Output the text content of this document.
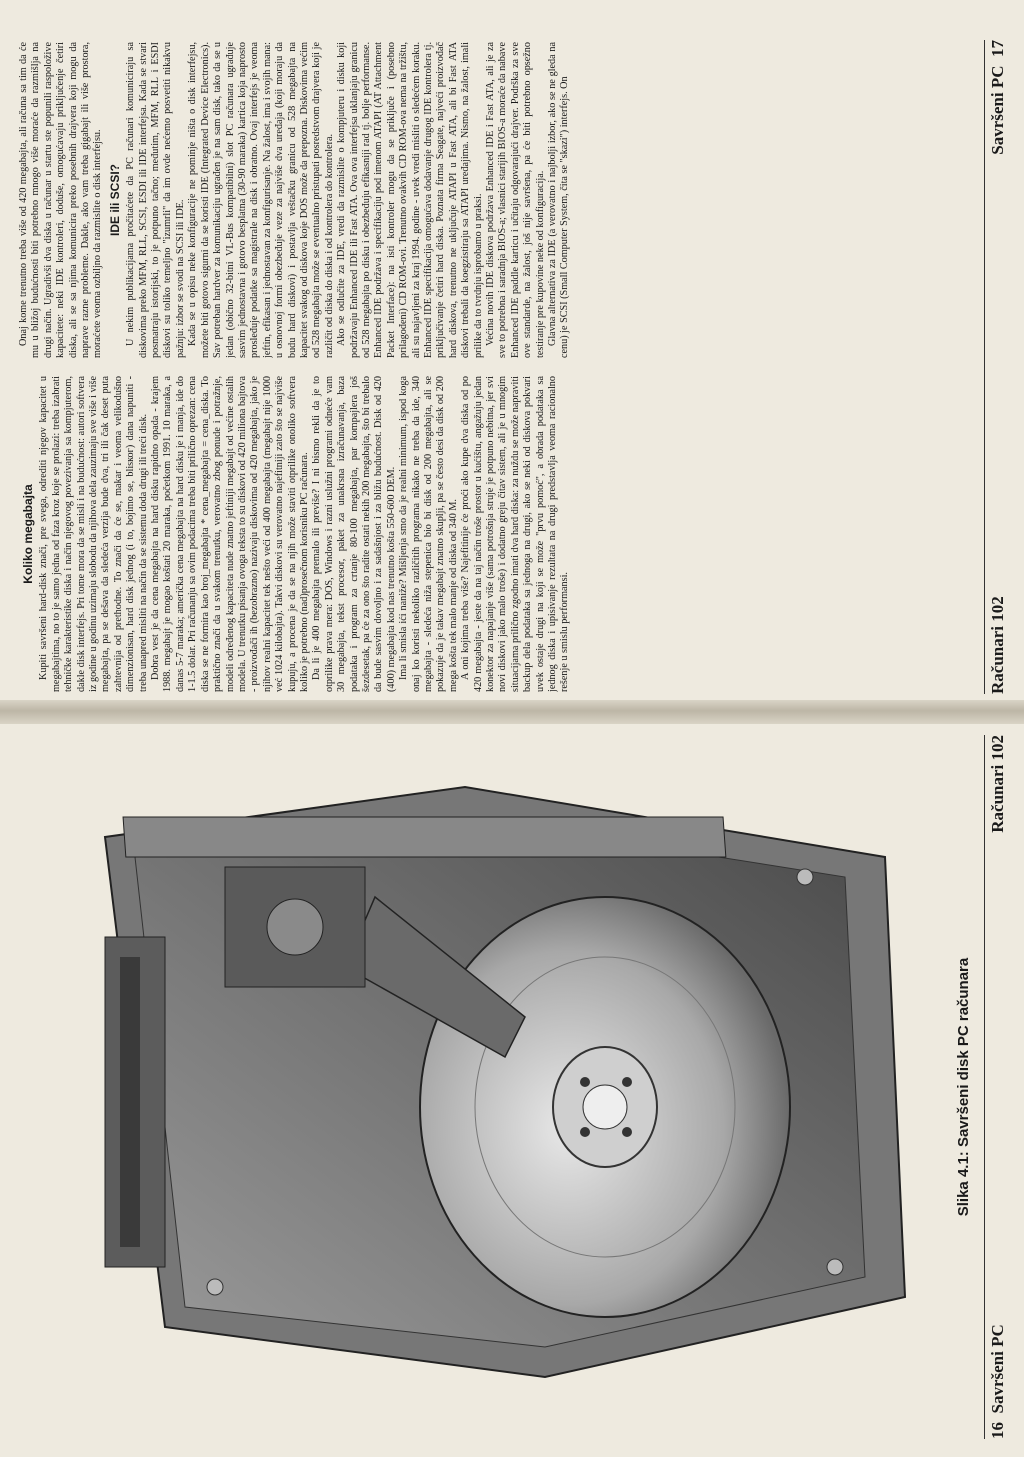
Koliko megabajta Kupiti savršeni hard-disk znači, pre svega, odrediti njegov kapacitet u megabajtima, no to je samo jedna od faza kroz koje se prolazi: treba izabrati tehničke karakteristike diska i način njegovog povezivanja sa kompjuterom, dakle disk interfejs. Pri tome mora da se misli i na budućnost: autori softvera iz godine u godinu uzimaju slobodu da njihova dela zauzimaju sve više i više megabajta, pa se dešava da sledeća verzija bude dva, tri ili čak deset puta zahtevnija od prethodne. To znači da će se, makar i veoma velikodušno dimenzionisan, hard disk jednog (i to, bojimo se, blisког) dana napuniti - treba unapred misliti na način da se sistemu doda drugi ili treći disk. Dobra vest je da cena megabajta na hard disku rapidno opada - krajem 1988. megabajt je mogao koštati 20 maraka, početkom 1991. 10 maraka, a danas 5-7 maraka; američka cena megabajta na hard disku je i manja, ide do 1-1.5 dolar. Pri računanju sa ovim podacima treba biti prilično oprezan: cena diska se ne formira kao broj_megabajta * cena_megabajta = cena_diska. To praktično znači da u svakom trenutku, verovatno zbog ponude i potražnje, modeli određenog kapaciteta nude znatno jeftiniji megabajt od većine ostalih modela. U trenutku pisanja ovoga teksta to su diskovi od 420 miliona bajtova - proizvođači ih (bezobrazno) nazivaju diskovima od 420 megabajta, jako je njihov realni kapacitet tek nešto veći od 400 megabajta (megabajt nije 1000 već 1024 kilobajta). Takvi diskovi su verovatno najefitniji zato što se najviše kupuju, a procena je da se na njih može staviti otprilike onoliko softvera koliko je potrebno (nad)prosečnom korisniku PC računara. Da li je 400 megabajta premalo ili previše? I ni bismo rekli da je to otprilike prava mera: DOS, Windows i razni uslužni programi odneće vam 30 megabajta, tekst procesor, paket za unakrsna izračunavanja, baza podataka i program za crtanje 80-100 megabajta, par kompajlera još šezdesetak, pa će za ono što radite ostati nekih 200 megabajta, što bi trebalo da bude sasvim dovoljno i za sadašnjost i za bližu budućnost. Disk od 420 (400) megabajta kod nas trenutno košta 550-600 DEM. Ima li smisla ići naniže? Mišljenja smo da je realni minimum, ispod koga onaj ko koristi nekoliko različitih programa nikako ne treba da ide, 340 megabajta - sledeća niža stepenica bio bi disk od 200 megabajta, ali se pokazuje da je takav megabajt znatno skuplji, pa se često desi da disk od 200 mega košta tek malo manje od diska od 340 M. A oni kojima treba više? Najefitinije će proći ako kupe dva diska od po 420 megabajta - jeste da na taj način troše prostor u kućištu, angažuju jedan konektor za napajanje više (sama potrošnja struje je potpuno nebitna, jer svi novi diskovi jako malo troše) i dodatno greju čitav sistem, ali je u mnogim situacijama prilično zgodno imati dva hard diska: za nuždu se može napraviti backup dela podataka sa jednoga na drugi, ako se neki od diskova pokvari uvek ostaje drugi na koji se može "prvu pomoć", a obrada podataka sa jednog diska i upisivanje rezultata na drugi predstavlja veoma racionalno rešenje u smislu performansi.

Onaj kome trenutno treba više od 420 megabajta, ali računa sa tim da će mu u bližoj budućnosti biti potrebno mnogo više moraće da razmišlja na drugi način. Ugradivši dva diska u računar u startu ste popunili raspoložive kapacitete: neki IDE kontroleri, doduše, omogućavaju priključenje četiri diska, ali se sa njima komunicira preko posebnih drajvera koji mogu da naprave razne probleme. Dakle, ako vam treba gigabajt ili više prostora, moraćete veoma ozbiljno da razmislite o disk interfejsu. IDE ili SCSI? U nekim publikacijama pročitaćete da PC računari komuniciraju sa diskovima preko MFM, RLL, SCSI, ESDI ili IDE interfejsa. Kada se stvari posmatraju istorijski, to je potpuno tačno; međutim, MFM, RLL i ESDI diskovi su toliko temeljno "izumrli" da im ovde nećemo posvetiti nikakvu pažnju: izbor se svodi na SCSI ili IDE. Kada se u opisu neke konfiguracije ne pominje ništa o disk interfejsu, možete biti gotovo sigurni da se koristi IDE (Integrated Device Electronics). Sav potreban hardver za komunikaciju ugrađen je na sam disk, tako da se u jedan (obično 32-bitni VL-Bus kompatibilni) slot PC računara ugrađuje sasvim jednostavna i gotovo besplatna (30-90 maraka) kartica koja naprosto prosleđuje podatke sa magistrale na disk i obratno. Ovaj interfejs je veoma jeftin, efikasan i jednostavan za konfigurisanje. Na žalost, ima i svojih mana: u osnovnoj formi obezbeđuje veze za najviše dva uređaja (koji moraju da budu hard diskovi) i postavlja veštačku granicu od 528 megabajta na kapacitet svakog od diskova koje DOS može da prepozna. Diskovima većim od 528 megabajta može se eventualno pristupati posredstvom drajvera koji je različit od diska do diska i od kontrolera do kontrolera. Ako se odlučite za IDE, vredi da razmislite o kompjuteru i disku koji podržavaju Enhanced IDE ili Fast ATA. Ova ova interfejsa uklanjaju granicu od 528 megabajta po disku i obezbeđuju efikasniji rad tj. bolje performanse. Enhanced IDE podržava i specifikaciju pod imenom ATAPI (AT Attachment Packet Interface): na isti kontroler mogu da se priključe i (posebno prilagođeni) CD ROM-ovi. Trenutno ovakvih CD ROM-ova nema na tržištu, ali su najavljeni za kraj 1994. godine - uvek vredi misliti o sledećem koraku. Enhanced IDE specifikacija omogućava dodavanje drugog IDE kontrolera tj. priključivanje četiri hard diska. Poznata firma Seagate, najveći proizvođač hard diskova, trenutno ne uključuje ATAPI u Fast ATA, ali bi Fast ATA diskovi trebali da koegzistiraju sa ATAPI uređajima. Nismo, na žalost, imali prilike da to tvrdnju isprobamo u praksi. Većina novih IDE diskova podržava Enhanced IDE i Fast ATA, ali je za sve to potrebna i saradnja BIOS-a; vlasnici starijih BIOS-a moraće da nabave Enhanced IDE paddle karticu i učitaju odgovarajući drajver. Podrška za sve ove standarde, na žalost, još nije savršena, pa će biti potrebno opsežno testiranje pre kupovine neke od konfiguracija. Glavna alternativa za IDE (a verovatno i najbolji izbor, ako se ne gleda na cenu) je SCSI (Small Computer System, čita se "skazi") interfejs. On

Računari 102
Savršeni PC  17
Slika 4.1: Savršeni disk PC računara
16  Savršeni PC
Računari 102
